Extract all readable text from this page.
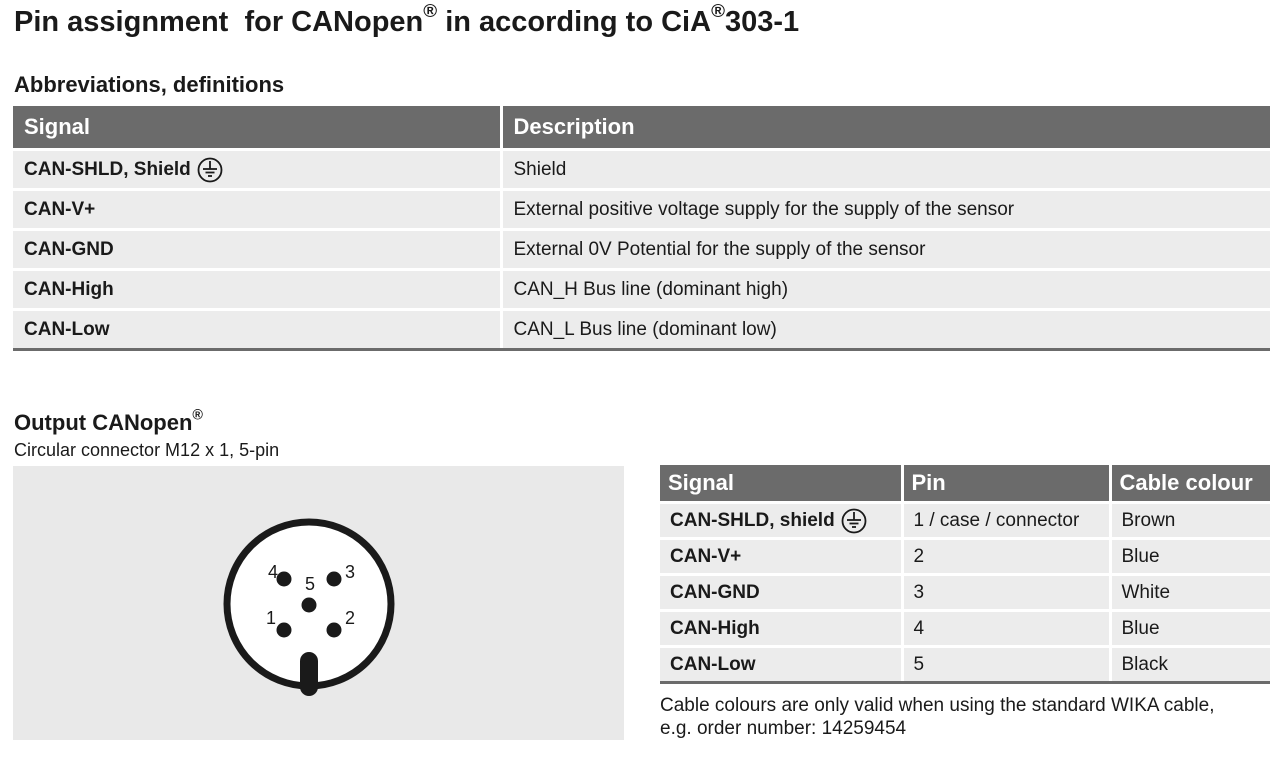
Pin assignment  for CANopen® in according to CiA®303-1
Abbreviations, definitions
Signal	Description
CAN-SHLD, Shield	Shield
CAN-V+	External positive voltage supply for the supply of the sensor
CAN-GND	External 0V Potential for the supply of the sensor
CAN-High	CAN_H Bus line (dominant high)
CAN-Low	CAN_L Bus line (dominant low)
Output CANopen®
Circular connector M12 x 1, 5-pin
4	3
5
1	2
Signal	Pin	Cable colour
CAN-SHLD, shield	1 / case / connector	Brown
CAN-V+	2	Blue
CAN-GND	3	White
CAN-High	4	Blue
CAN-Low	5	Black

Cable colours are only valid when using the standard WIKA cable,
e.g. order number: 14259454
